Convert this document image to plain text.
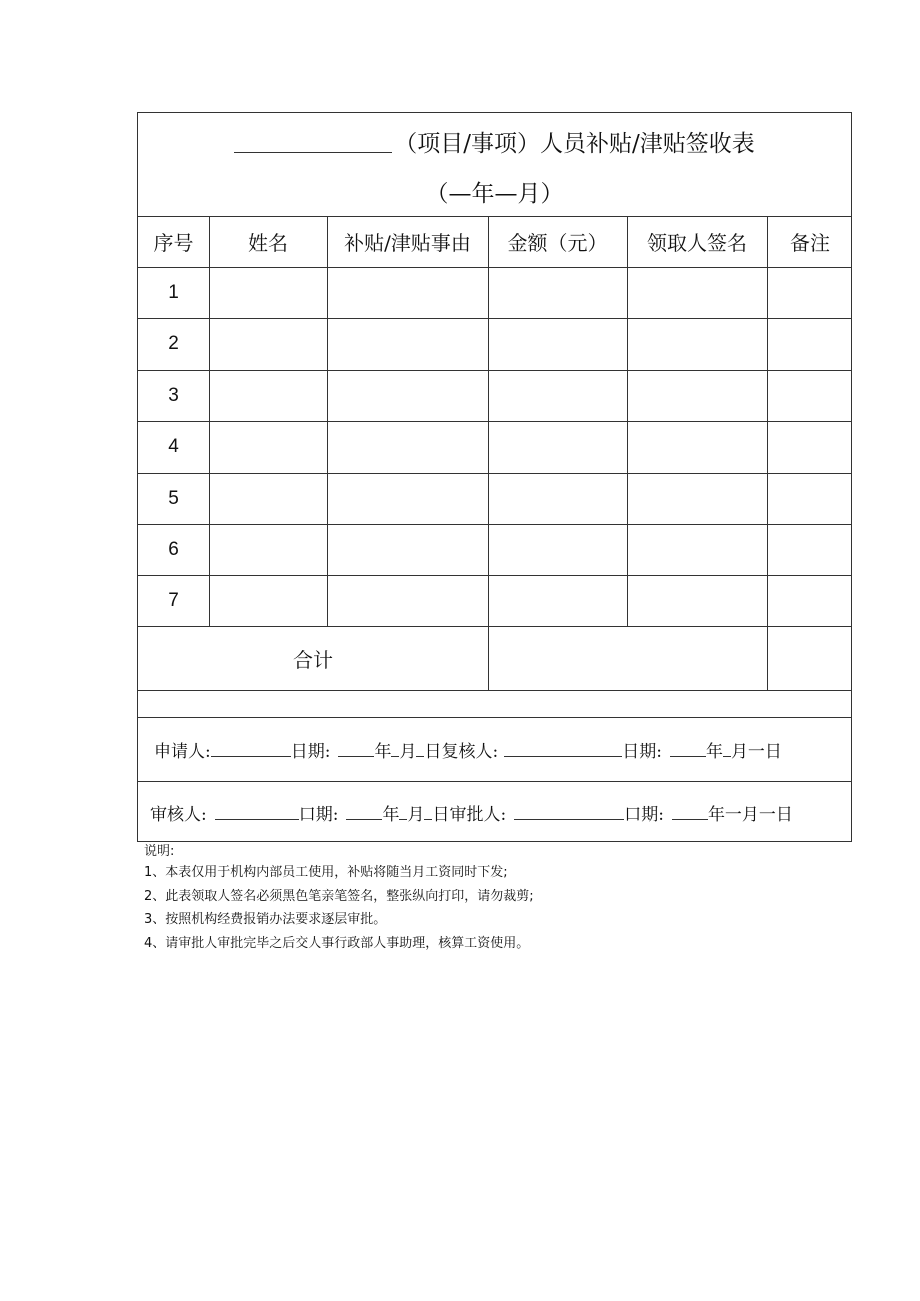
（项目/事项）人员补贴/津贴签收表
（—年—月）
序号	姓名	补贴/津贴事由	金额（元）	领取人签名	备注
1
2
3
4
5
6
7
合计
申请人:	日期:	年 月 日 复核人:	日期:	年 月一日
审核人:	口期:	年 月 日 审批人:	口期:	年一月一日
说明:
1、本表仅用于机构内部员工使用，补贴将随当月工资同时下发;
2、此表领取人签名必须黑色笔亲笔签名，整张纵向打印，请勿裁剪;
3、按照机构经费报销办法要求逐层审批。
4、请审批人审批完毕之后交人事行政部人事助理，核算工资使用。
